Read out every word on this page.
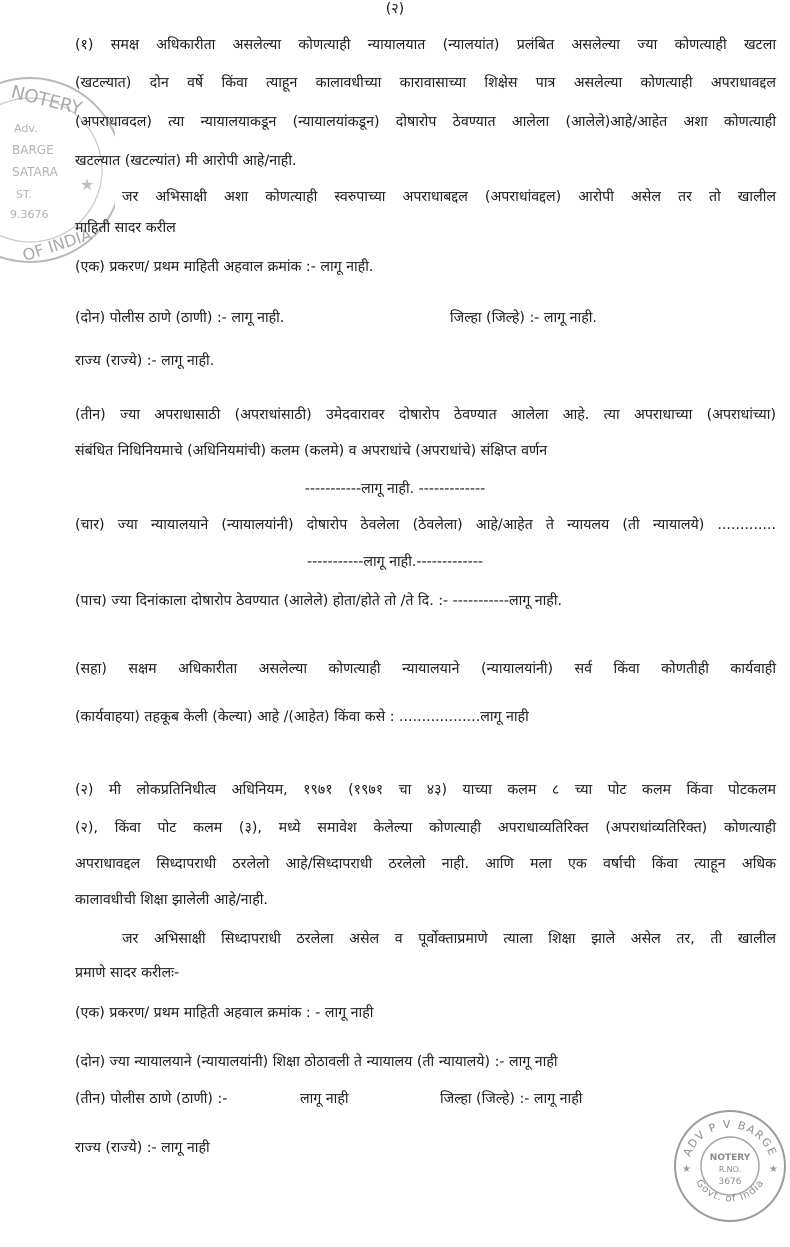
(२)
NOTERY
Adv.
BARGE
SATARA
ST.
9.3676
OF INDIA
★
(१) समक्ष अधिकारीता असलेल्या कोणत्याही न्यायालयात (न्यालयांत) प्रलंबित असलेल्या ज्या कोणत्याही खटला
(खटल्यात) दोन वर्षे किंवा त्याहून कालावधीच्या कारावासाच्या शिक्षेस पात्र असलेल्या कोणत्याही अपराधावद्दल
(अपराधावदल) त्या न्यायालयाकडून (न्यायालयांकडून) दोषारोप ठेवण्यात आलेला (आलेले)आहे/आहेत अशा कोणत्याही
खटल्यात (खटल्यांत) मी आरोपी आहे/नाही.
जर अभिसाक्षी अशा कोणत्याही स्वरुपाच्या अपराधाबद्दल (अपराधांवद्दल) आरोपी असेल तर तो खालील
माहिती सादर करील
(एक) प्रकरण/ प्रथम माहिती अहवाल क्रमांक :- लागू नाही.
(दोन) पोलीस ठाणे (ठाणी) :- लागू नाही.	जिल्हा (जिल्हे) :- लागू नाही.
राज्य (राज्ये) :- लागू नाही.
(तीन) ज्या अपराधासाठी (अपराधांसाठी) उमेदवारावर दोषारोप ठेवण्यात आलेला आहे. त्या अपराधाच्या (अपराधांच्या)
संबंधित निधिनियमाचे (अधिनियमांची) कलम (कलमे) व अपराधांचे (अपराधांचे) संक्षिप्त वर्णन
-----------लागू नाही. -------------
(चार) ज्या न्यायालयाने (न्यायालयांनी) दोषारोप ठेवलेला (ठेवलेला) आहे/आहेत ते न्यायलय (ती न्यायालये) .............
-----------लागू नाही.-------------
(पाच) ज्या दिनांकाला दोषारोप ठेवण्यात (आलेले) होता/होते तो /ते दि. :- -----------लागू नाही.
(सहा) सक्षम अधिकारीता असलेल्या कोणत्याही न्यायालयाने (न्यायालयांनी) सर्व किंवा कोणतीही कार्यवाही
(कार्यवाहया) तहकूब केली (केल्या) आहे /(आहेत) किंवा कसे : ..................लागू नाही
(२) मी लोकप्रतिनिधीत्व अधिनियम, १९७१ (१९७१ चा ४३) याच्या कलम ८ च्या पोट कलम किंवा पोटकलम
(२), किंवा पोट कलम (३), मध्ये समावेश केलेल्या कोणत्याही अपराधाव्यतिरिक्त (अपराधांव्यतिरिक्त) कोणत्याही
अपराधावद्दल सिध्दापराधी ठरलेलो आहे/सिध्दापराधी ठरलेलो नाही. आणि मला एक वर्षाची किंवा त्याहून अधिक
कालावधीची शिक्षा झालेली आहे/नाही.
जर अभिसाक्षी सिध्दापराधी ठरलेला असेल व पूर्वोक्ताप्रमाणे त्याला शिक्षा झाले असेल तर, ती खालील
प्रमाणे सादर करीलः-
(एक) प्रकरण/ प्रथम माहिती अहवाल क्रमांक : - लागू नाही
(दोन) ज्या न्यायालयाने (न्यायालयांनी) शिक्षा ठोठावली ते न्यायालय (ती न्यायालये) :- लागू नाही
(तीन) पोलीस ठाणे (ठाणी) :-	लागू नाही	जिल्हा (जिल्हे) :- लागू नाही
राज्य (राज्ये) :- लागू नाही	ADV P V BARGE
Govt. of India
NOTERY
R.NO.
3676
★	★
